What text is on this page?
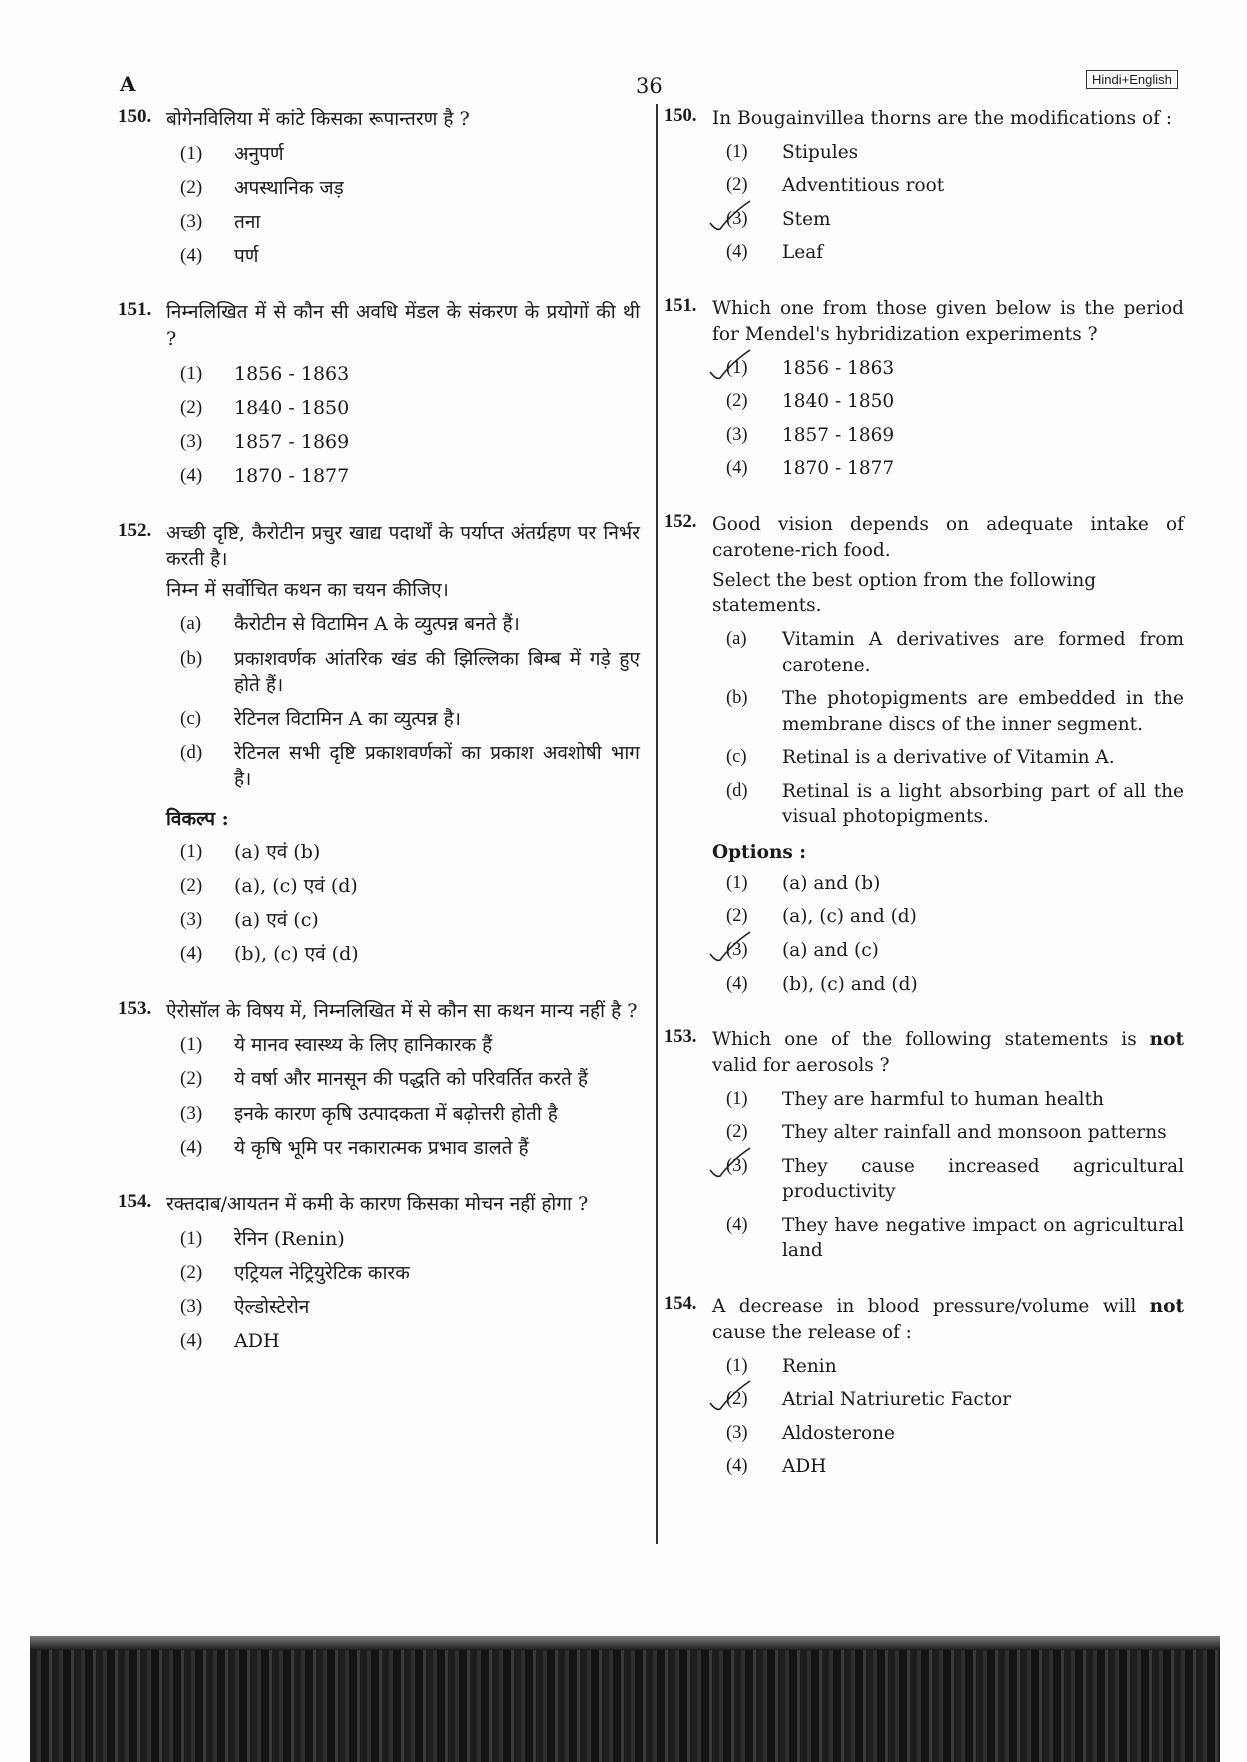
A	36	Hindi+English
150. बोगेनविलिया में कांटे किसका रूपान्तरण है ?
(1)	अनुपर्ण
(2)	अपस्थानिक जड़
(3)	तना
(4)	पर्ण
151. निम्नलिखित में से कौन सी अवधि मेंडल के संकरण के प्रयोगों की थी ?
(1)	1856 - 1863
(2)	1840 - 1850
(3)	1857 - 1869
(4)	1870 - 1877
152. अच्छी दृष्टि, कैरोटीन प्रचुर खाद्य पदार्थों के पर्याप्त अंतर्ग्रहण पर निर्भर करती है।
निम्न में सर्वोचित कथन का चयन कीजिए।
(a)	कैरोटीन से विटामिन A के व्युत्पन्न बनते हैं।
(b)	प्रकाशवर्णक आंतरिक खंड की झिल्लिका बिम्ब में गड़े हुए होते हैं।
(c)	रेटिनल विटामिन A का व्युत्पन्न है।
(d)	रेटिनल सभी दृष्टि प्रकाशवर्णकों का प्रकाश अवशोषी भाग है।
विकल्प :
(1)	(a) एवं (b)
(2)	(a), (c) एवं (d)
(3)	(a) एवं (c)
(4)	(b), (c) एवं (d)
153. ऐरोसॉल के विषय में, निम्नलिखित में से कौन सा कथन मान्य नहीं है ?
(1)	ये मानव स्वास्थ्य के लिए हानिकारक हैं
(2)	ये वर्षा और मानसून की पद्धति को परिवर्तित करते हैं
(3)	इनके कारण कृषि उत्पादकता में बढ़ोत्तरी होती है
(4)	ये कृषि भूमि पर नकारात्मक प्रभाव डालते हैं
154. रक्तदाब/आयतन में कमी के कारण किसका मोचन नहीं होगा ?
(1)	रेनिन (Renin)
(2)	एट्रियल नेट्रियुरेटिक कारक
(3)	ऐल्डोस्टेरोन
(4)	ADH
150. In Bougainvillea thorns are the modifications of :
(1)	Stipules
(2)	Adventitious root
(3)	Stem
(4)	Leaf
151. Which one from those given below is the period for Mendel's hybridization experiments ?
(1)	1856 - 1863
(2)	1840 - 1850
(3)	1857 - 1869
(4)	1870 - 1877
152. Good vision depends on adequate intake of carotene-rich food.
Select the best option from the following statements.
(a)	Vitamin A derivatives are formed from carotene.
(b)	The photopigments are embedded in the membrane discs of the inner segment.
(c)	Retinal is a derivative of Vitamin A.
(d)	Retinal is a light absorbing part of all the visual photopigments.
Options :
(1)	(a) and (b)
(2)	(a), (c) and (d)
(3)	(a) and (c)
(4)	(b), (c) and (d)
153. Which one of the following statements is not valid for aerosols ?
(1)	They are harmful to human health
(2)	They alter rainfall and monsoon patterns
(3)	They cause increased agricultural productivity
(4)	They have negative impact on agricultural land
154. A decrease in blood pressure/volume will not cause the release of :
(1)	Renin
(2)	Atrial Natriuretic Factor
(3)	Aldosterone
(4)	ADH
